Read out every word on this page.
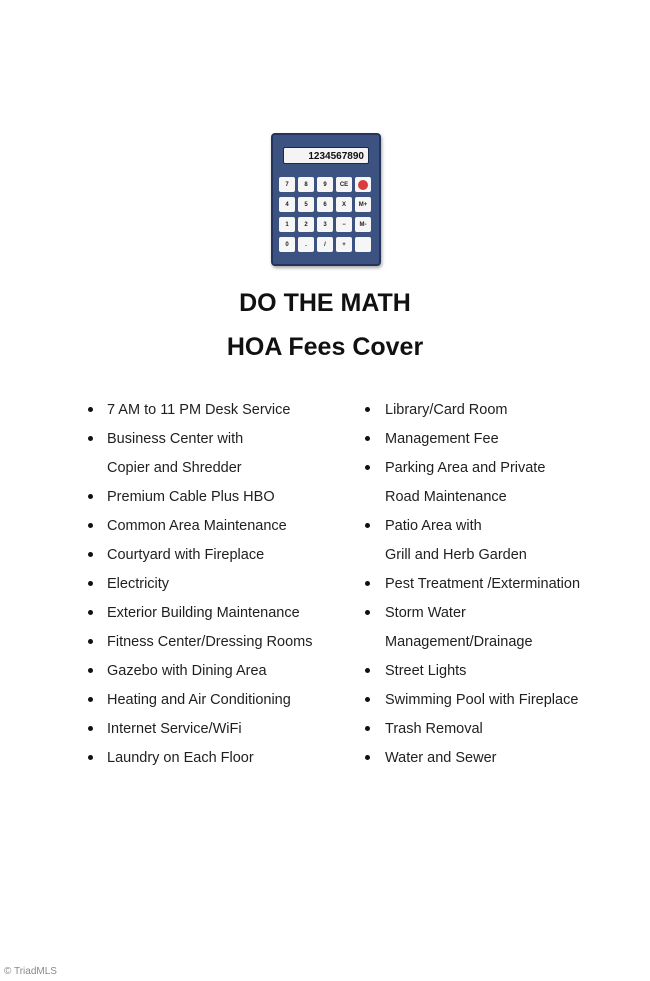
1234567890
7	8	9	CE
4	5	6	X	M+
1	2	3	−	M-
0	.	/	+
DO THE MATH
HOA Fees Cover
7 AM to 11 PM Desk Service
Business Center with
Copier and Shredder
Premium Cable Plus HBO
Common Area Maintenance
Courtyard with Fireplace
Electricity
Exterior Building Maintenance
Fitness Center/Dressing Rooms
Gazebo with Dining Area
Heating and Air Conditioning
Internet Service/WiFi
Laundry on Each Floor
Library/Card Room
Management Fee
Parking Area and Private
Road Maintenance
Patio Area with
Grill and Herb Garden
Pest Treatment /Extermination
Storm Water
Management/Drainage
Street Lights
Swimming Pool with Fireplace
Trash Removal
Water and Sewer
© TriadMLS
